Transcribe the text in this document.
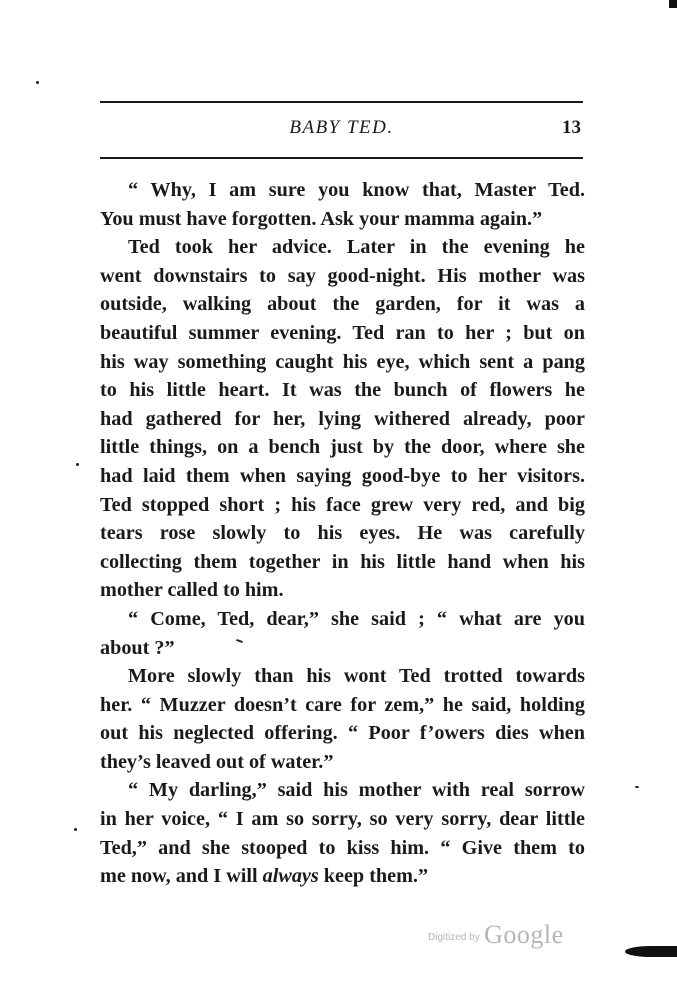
BABY TED.	13
“ Why, I am sure you know that, Master Ted.
You must have forgotten. Ask your mamma again.”
Ted took her advice. Later in the evening he
went downstairs to say good-night. His mother was
outside, walking about the garden, for it was a
beautiful summer evening. Ted ran to her ; but on
his way something caught his eye, which sent a pang
to his little heart. It was the bunch of flowers he
had gathered for her, lying withered already, poor
little things, on a bench just by the door, where she
had laid them when saying good-bye to her visitors.
Ted stopped short ; his face grew very red, and big
tears rose slowly to his eyes. He was carefully
collecting them together in his little hand when his
mother called to him.
“ Come, Ted, dear,” she said ; “ what are you
about ?”
More slowly than his wont Ted trotted towards
her. “ Muzzer doesn’t care for zem,” he said, holding
out his neglected offering. “ Poor f’owers dies when
they’s leaved out of water.”
“ My darling,” said his mother with real sorrow
in her voice, “ I am so sorry, so very sorry, dear little
Ted,” and she stooped to kiss him. “ Give them to
me now, and I will always keep them.”
Digitized by Google
